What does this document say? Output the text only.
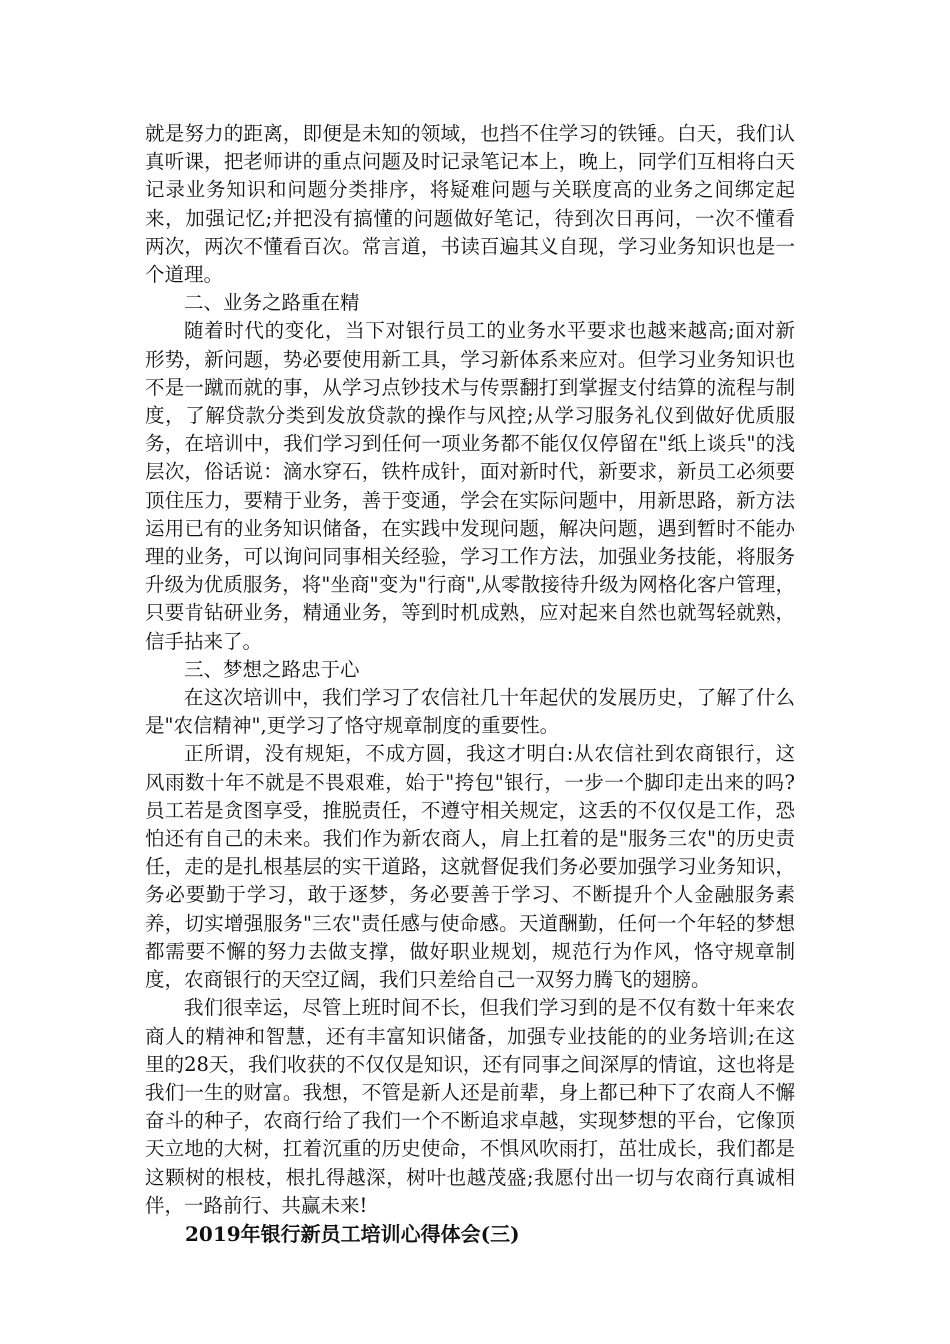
就是努力的距离，即便是未知的领域，也挡不住学习的铁锤。白天，我们认真听课，把老师讲的重点问题及时记录笔记本上，晚上，同学们互相将白天记录业务知识和问题分类排序，将疑难问题与关联度高的业务之间绑定起来，加强记忆;并把没有搞懂的问题做好笔记，待到次日再问，一次不懂看两次，两次不懂看百次。常言道，书读百遍其义自现，学习业务知识也是一个道理。

二、业务之路重在精

随着时代的变化，当下对银行员工的业务水平要求也越来越高;面对新形势，新问题，势必要使用新工具，学习新体系来应对。但学习业务知识也不是一蹴而就的事，从学习点钞技术与传票翻打到掌握支付结算的流程与制度，了解贷款分类到发放贷款的操作与风控;从学习服务礼仪到做好优质服务，在培训中，我们学习到任何一项业务都不能仅仅停留在"纸上谈兵"的浅层次，俗话说：滴水穿石，铁杵成针，面对新时代，新要求，新员工必须要顶住压力，要精于业务，善于变通，学会在实际问题中，用新思路，新方法运用已有的业务知识储备，在实践中发现问题，解决问题，遇到暂时不能办理的业务，可以询问同事相关经验，学习工作方法，加强业务技能，将服务升级为优质服务，将"坐商"变为"行商",从零散接待升级为网格化客户管理，只要肯钻研业务，精通业务，等到时机成熟，应对起来自然也就驾轻就熟，信手拈来了。

三、梦想之路忠于心

在这次培训中，我们学习了农信社几十年起伏的发展历史，了解了什么是"农信精神",更学习了恪守规章制度的重要性。

正所谓，没有规矩，不成方圆，我这才明白:从农信社到农商银行，这风雨数十年不就是不畏艰难，始于"挎包"银行，一步一个脚印走出来的吗?员工若是贪图享受，推脱责任，不遵守相关规定，这丢的不仅仅是工作，恐怕还有自己的未来。我们作为新农商人，肩上扛着的是"服务三农"的历史责任，走的是扎根基层的实干道路，这就督促我们务必要加强学习业务知识，务必要勤于学习，敢于逐梦，务必要善于学习、不断提升个人金融服务素养，切实增强服务"三农"责任感与使命感。天道酬勤，任何一个年轻的梦想都需要不懈的努力去做支撑，做好职业规划，规范行为作风，恪守规章制度，农商银行的天空辽阔，我们只差给自己一双努力腾飞的翅膀。

我们很幸运，尽管上班时间不长，但我们学习到的是不仅有数十年来农商人的精神和智慧，还有丰富知识储备，加强专业技能的的业务培训;在这里的28天，我们收获的不仅仅是知识，还有同事之间深厚的情谊，这也将是我们一生的财富。我想，不管是新人还是前辈，身上都已种下了农商人不懈奋斗的种子，农商行给了我们一个不断追求卓越，实现梦想的平台，它像顶天立地的大树，扛着沉重的历史使命，不惧风吹雨打，茁壮成长，我们都是这颗树的根枝，根扎得越深，树叶也越茂盛;我愿付出一切与农商行真诚相伴，一路前行、共赢未来!

2019年银行新员工培训心得体会(三)
